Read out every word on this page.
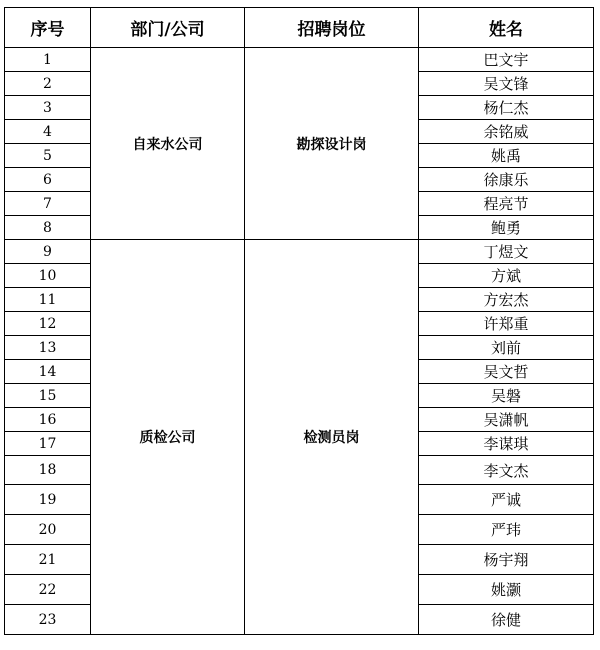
序号	部门/公司	招聘岗位	姓名
1	自来水公司	勘探设计岗	巴文宇
2			吴文锋
3			杨仁杰
4			余铭威
5			姚禹
6			徐康乐
7			程亮节
8			鲍勇
9	质检公司	检测员岗	丁煜文
10			方斌
11			方宏杰
12			许郑重
13			刘前
14			吴文哲
15			吴磐
16			吴潇帆
17			李谋琪
18			李文杰
19			严诚
20			严玮
21			杨宇翔
22			姚灏
23			徐健
